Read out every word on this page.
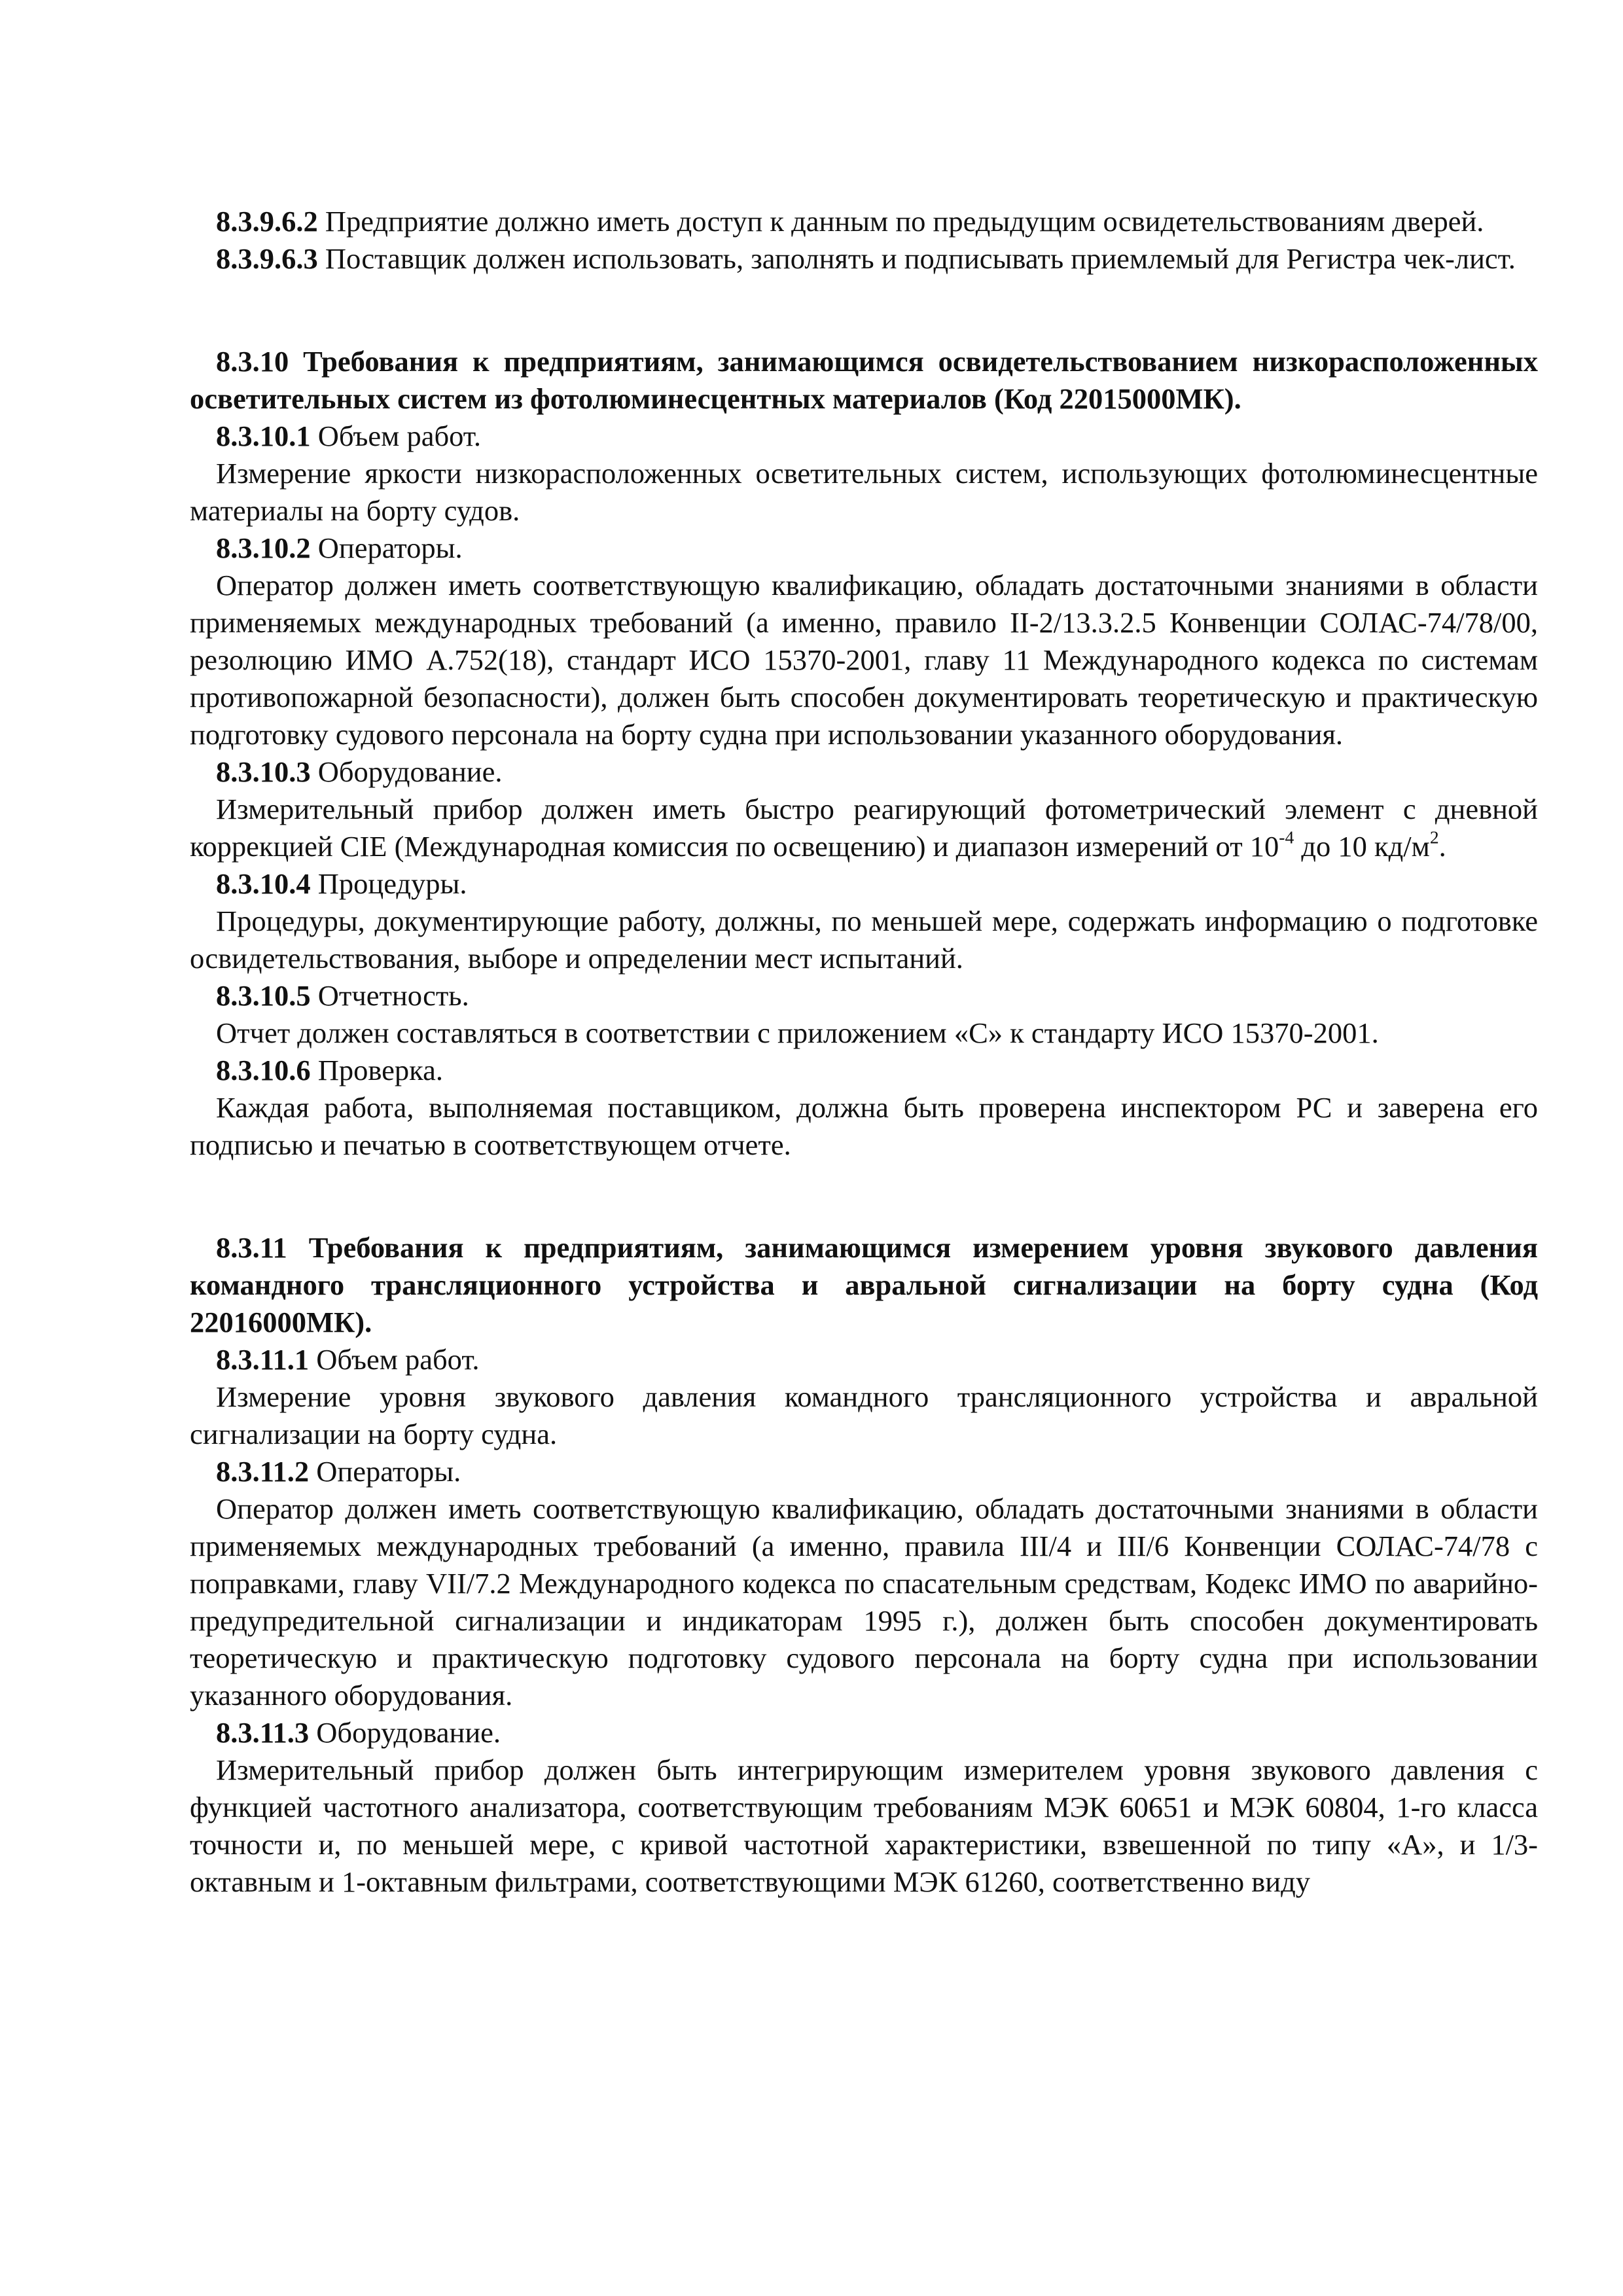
8.3.9.6.2 Предприятие должно иметь доступ к данным по предыдущим освидетельствованиям дверей.

8.3.9.6.3 Поставщик должен использовать, заполнять и подписывать приемлемый для Регистра чек-лист.

8.3.10 Требования к предприятиям, занимающимся освидетельствованием низкорасположенных осветительных систем из фотолюминесцентных материалов (Код 22015000МК).

8.3.10.1 Объем работ.

Измерение яркости низкорасположенных осветительных систем, использующих фотолюминесцентные материалы на борту судов.

8.3.10.2 Операторы.

Оператор должен иметь соответствующую квалификацию, обладать достаточными знаниями в области применяемых международных требований (а именно, правило II-2/13.3.2.5 Конвенции СОЛАС-74/78/00, резолюцию ИМО А.752(18), стандарт ИСО 15370-2001, главу 11 Международного кодекса по системам противопожарной безопасности), должен быть способен документировать теоретическую и практическую подготовку судового персонала на борту судна при использовании указанного оборудования.

8.3.10.3 Оборудование.

Измерительный прибор должен иметь быстро реагирующий фотометрический элемент с дневной коррекцией CIE (Международная комиссия по освещению) и диапазон измерений от $10^{-4}$ до 10 $кд/м^2$.

8.3.10.4 Процедуры.

Процедуры, документирующие работу, должны, по меньшей мере, содержать информацию о подготовке освидетельствования, выборе и определении мест испытаний.

8.3.10.5 Отчетность.

Отчет должен составляться в соответствии с приложением «С» к стандарту ИСО 15370-2001.

8.3.10.6 Проверка.

Каждая работа, выполняемая поставщиком, должна быть проверена инспектором РС и заверена его подписью и печатью в соответствующем отчете.

8.3.11 Требования к предприятиям, занимающимся измерением уровня звукового давления командного трансляционного устройства и авральной сигнализации на борту судна (Код 22016000МК).

8.3.11.1 Объем работ.

Измерение уровня звукового давления командного трансляционного устройства и авральной сигнализации на борту судна.

8.3.11.2 Операторы.

Оператор должен иметь соответствующую квалификацию, обладать достаточными знаниями в области применяемых международных требований (а именно, правила III/4 и III/6 Конвенции СОЛАС-74/78 с поправками, главу VII/7.2 Международного кодекса по спасательным средствам, Кодекс ИМО по аварийно-предупредительной сигнализации и индикаторам 1995 г.), должен быть способен документировать теоретическую и практическую подготовку судового персонала на борту судна при использовании указанного оборудования.

8.3.11.3 Оборудование.

Измерительный прибор должен быть интегрирующим измерителем уровня звукового давления с функцией частотного анализатора, соответствующим требованиям МЭК 60651 и МЭК 60804, 1-го класса точности и, по меньшей мере, с кривой частотной характеристики, взвешенной по типу «А», и 1/3-октавным и 1-октавным фильтрами, соответствующими МЭК 61260, соответственно виду
